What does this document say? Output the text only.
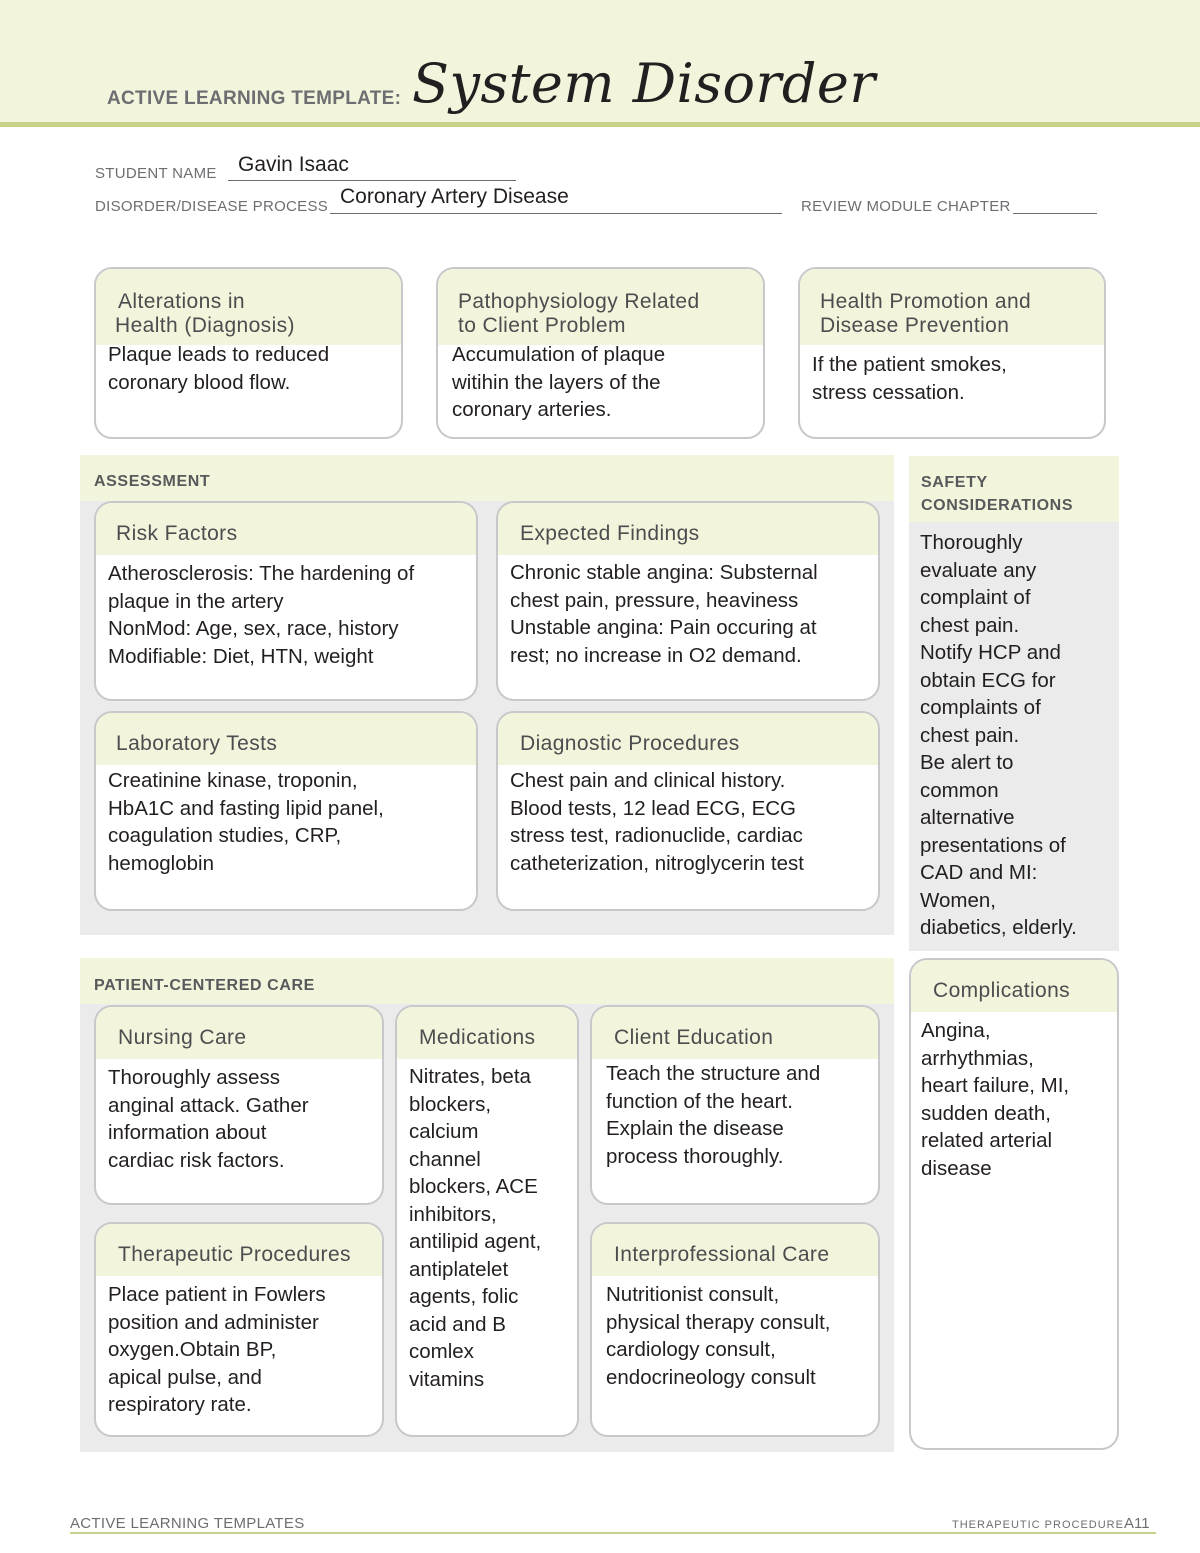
ACTIVE LEARNING TEMPLATE: System Disorder
STUDENT NAME Gavin Isaac
DISORDER/DISEASE PROCESS Coronary Artery Disease	REVIEW MODULE CHAPTER
Alterations in
Health (Diagnosis)
Plaque leads to reduced
coronary blood flow.
Pathophysiology Related
to Client Problem
Accumulation of plaque
witihin the layers of the
coronary arteries.
Health Promotion and
Disease Prevention
If the patient smokes,
stress cessation.
ASSESSMENT
Risk Factors
Atherosclerosis: The hardening of
plaque in the artery
NonMod: Age, sex, race, history
Modifiable: Diet, HTN, weight
Expected Findings
Chronic stable angina: Substernal
chest pain, pressure, heaviness
Unstable angina: Pain occuring at
rest; no increase in O2 demand.
Laboratory Tests
Creatinine kinase, troponin,
HbA1C and fasting lipid panel,
coagulation studies, CRP,
hemoglobin
Diagnostic Procedures
Chest pain and clinical history.
Blood tests, 12 lead ECG, ECG
stress test, radionuclide, cardiac
catheterization, nitroglycerin test
SAFETY
CONSIDERATIONS
Thoroughly
evaluate any
complaint of
chest pain.
Notify HCP and
obtain ECG for
complaints of
chest pain.
Be alert to
common
alternative
presentations of
CAD and MI:
Women,
diabetics, elderly.
PATIENT-CENTERED CARE
Nursing Care
Thoroughly assess
anginal attack. Gather
information about
cardiac risk factors.
Medications
Nitrates, beta
blockers,
calcium
channel
blockers, ACE
inhibitors,
antilipid agent,
antiplatelet
agents, folic
acid and B
comlex
vitamins
Client Education
Teach the structure and
function of the heart.
Explain the disease
process thoroughly.
Therapeutic Procedures
Place patient in Fowlers
position and administer
oxygen.Obtain BP,
apical pulse, and
respiratory rate.
Interprofessional Care
Nutritionist consult,
physical therapy consult,
cardiology consult,
endocrineology consult
Complications
Angina,
arrhythmias,
heart failure, MI,
sudden death,
related arterial
disease
ACTIVE LEARNING TEMPLATES	THERAPEUTIC PROCEDURE A11
